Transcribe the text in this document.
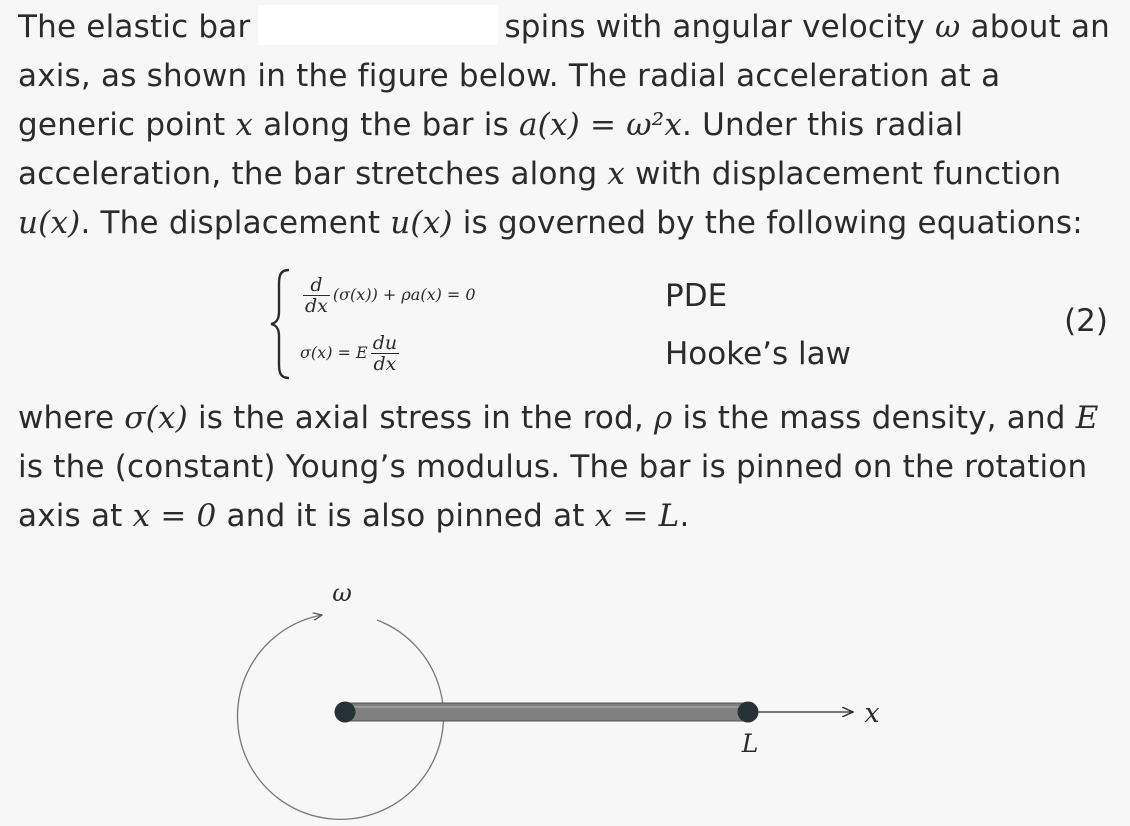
The elastic bar	spins with angular velocity ω about an
axis, as shown in the figure below. The radial acceleration at a
generic point x along the bar is a(x) = ω²x. Under this radial
acceleration, the bar stretches along x with displacement function
u(x). The displacement u(x) is governed by the following equations:
$\frac{d}{dx} (\sigma(x)) + \rho a(x) = 0$	PDE
σ(x) = E $\frac{du}{dx}$	Hooke’s law
(2)
where σ(x) is the axial stress in the rod, ρ is the mass density, and E
is the (constant) Young’s modulus. The bar is pinned on the rotation
axis at x = 0 and it is also pinned at x = L.
ω
x
L
